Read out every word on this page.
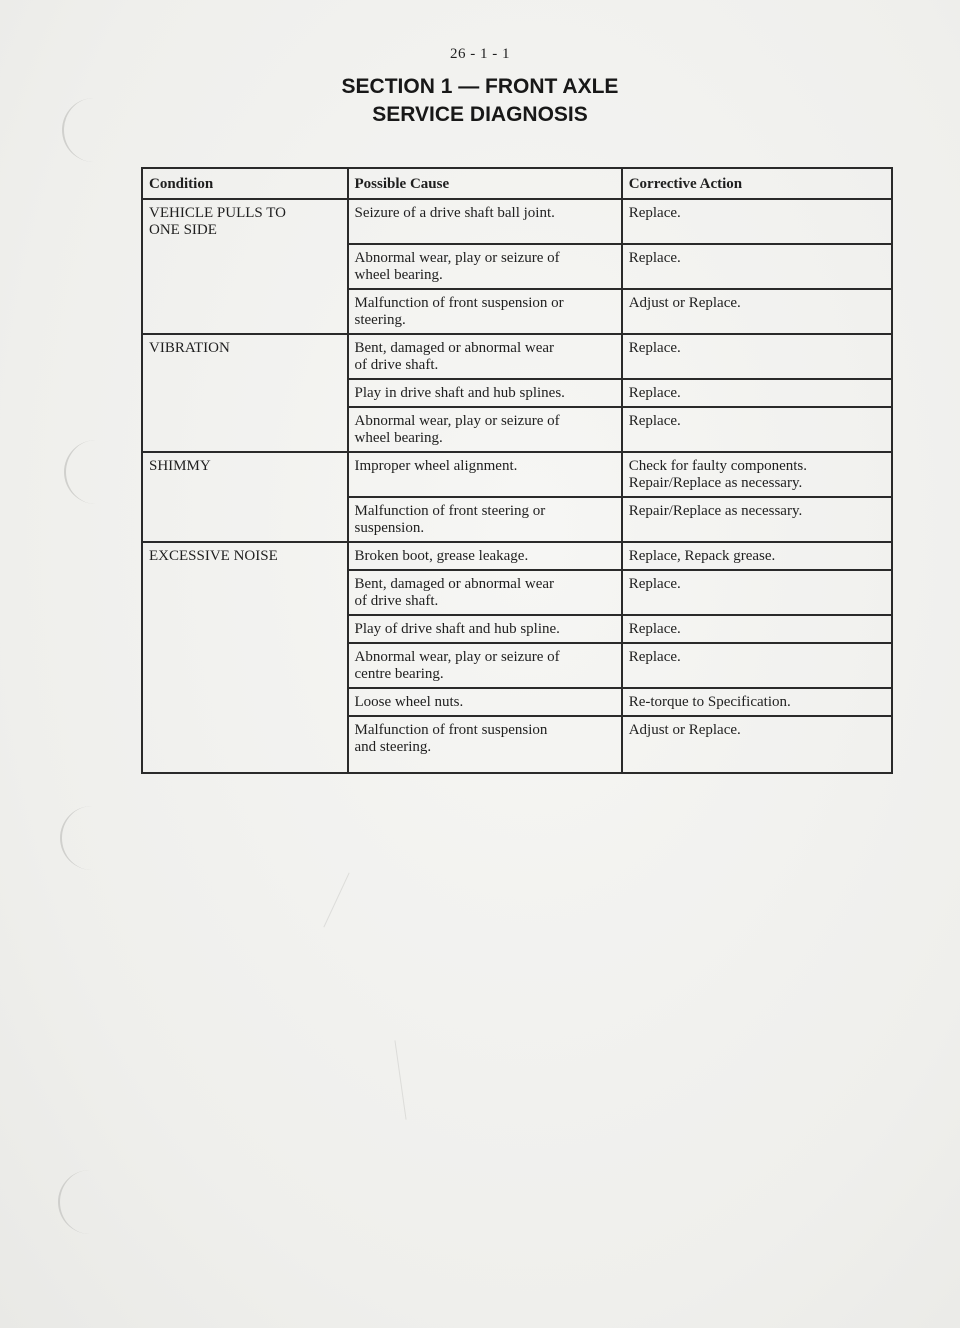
26 - 1 - 1
SECTION 1 — FRONT AXLE
SERVICE DIAGNOSIS
Condition	Possible Cause	Corrective Action

VEHICLE PULLS TO
ONE SIDE	Seizure of a drive shaft ball joint.	Replace.

	Abnormal wear, play or seizure of
wheel bearing.	Replace.

	Malfunction of front suspension or
steering.	Adjust or Replace.

VIBRATION	Bent, damaged or abnormal wear
of drive shaft.	Replace.

	Play in drive shaft and hub splines.	Replace.

	Abnormal wear, play or seizure of
wheel bearing.	Replace.

SHIMMY	Improper wheel alignment.	Check for faulty components.
Repair/Replace as necessary.

	Malfunction of front steering or
suspension.	Repair/Replace as necessary.

EXCESSIVE NOISE	Broken boot, grease leakage.	Replace, Repack grease.

	Bent, damaged or abnormal wear
of drive shaft.	Replace.

	Play of drive shaft and hub spline.	Replace.

	Abnormal wear, play or seizure of
centre bearing.	Replace.

	Loose wheel nuts.	Re-torque to Specification.

	Malfunction of front suspension
and steering.	Adjust or Replace.
